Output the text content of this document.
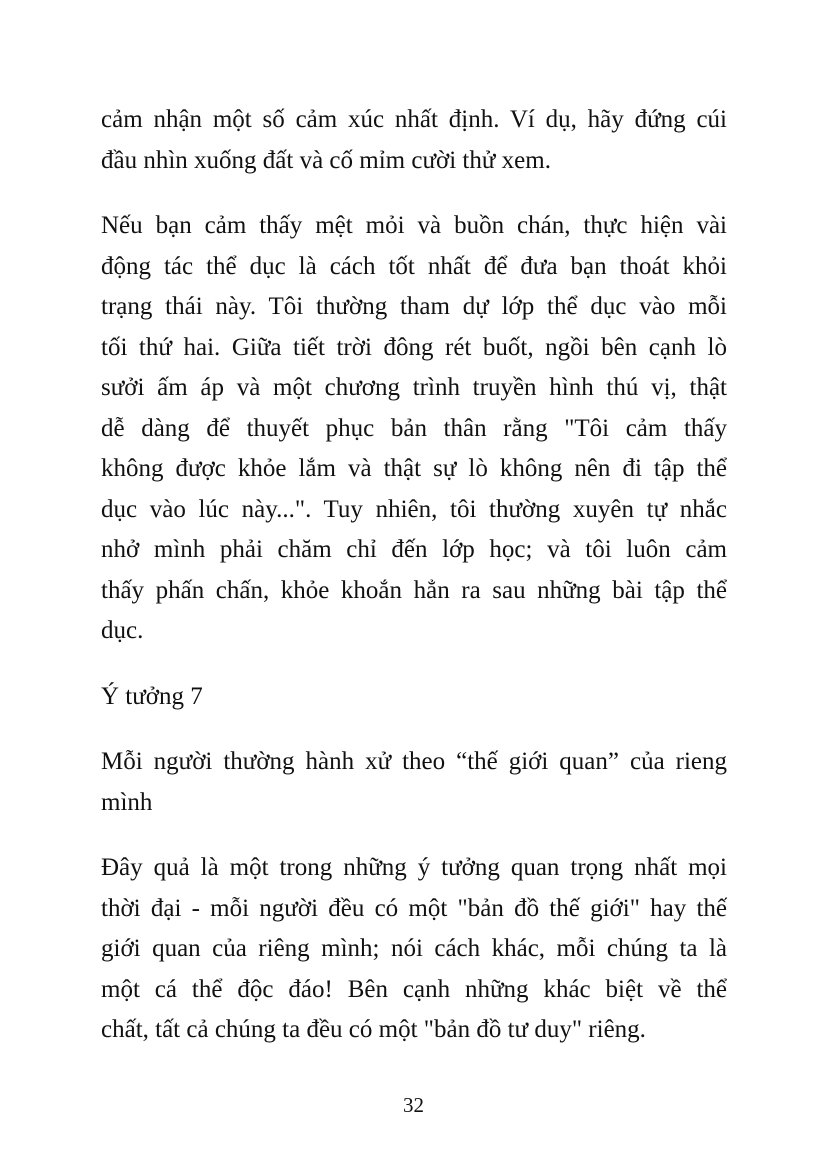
cảm nhận một số cảm xúc nhất định. Ví dụ, hãy đứng cúi
đầu nhìn xuống đất và cố mỉm cười thử xem.
Nếu bạn cảm thấy mệt mỏi và buồn chán, thực hiện vài
động tác thể dục là cách tốt nhất để đưa bạn thoát khỏi
trạng thái này. Tôi thường tham dự lớp thể dục vào mỗi
tối thứ hai. Giữa tiết trời đông rét buốt, ngồi bên cạnh lò
sưởi ấm áp và một chương trình truyền hình thú vị, thật
dễ dàng để thuyết phục bản thân rằng "Tôi cảm thấy
không được khỏe lắm và thật sự lò không nên đi tập thể
dục vào lúc này...". Tuy nhiên, tôi thường xuyên tự nhắc
nhở mình phải chăm chỉ đến lớp học; và tôi luôn cảm
thấy phấn chấn, khỏe khoắn hẳn ra sau những bài tập thể
dục.
Ý tưởng 7
Mỗi người thường hành xử theo “thế giới quan” của rieng
mình
Đây quả là một trong những ý tưởng quan trọng nhất mọi
thời đại - mỗi người đều có một "bản đồ thế giới" hay thế
giới quan của riêng mình; nói cách khác, mỗi chúng ta là
một cá thể độc đáo! Bên cạnh những khác biệt về thể
chất, tất cả chúng ta đều có một "bản đồ tư duy" riêng.
32
